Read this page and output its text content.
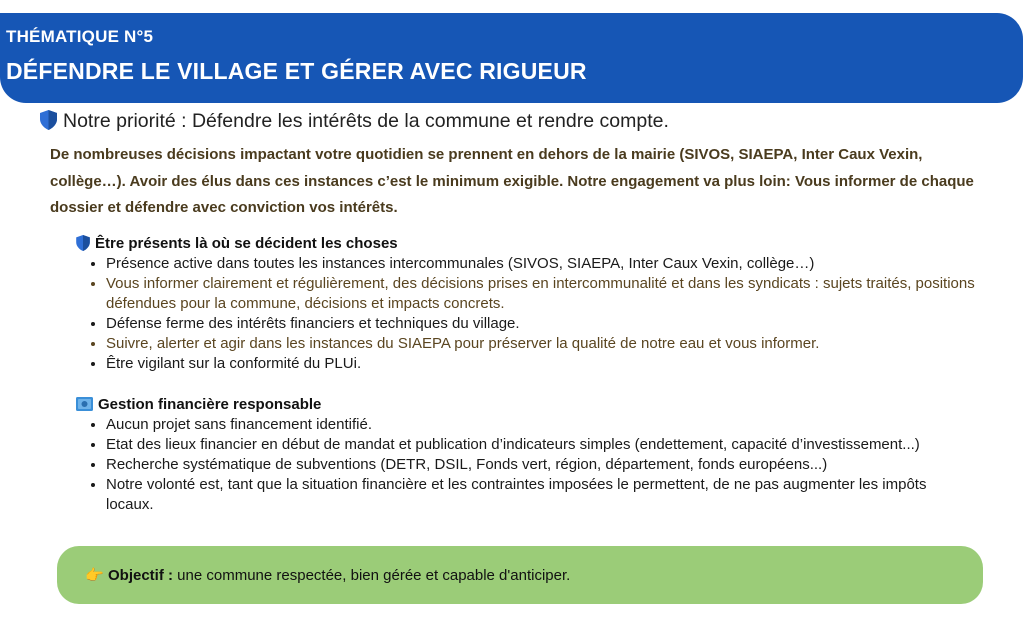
THÉMATIQUE N°5
DÉFENDRE LE VILLAGE ET GÉRER AVEC RIGUEUR
Notre priorité : Défendre les intérêts de la commune et rendre compte.
De nombreuses décisions impactant votre quotidien se prennent en dehors de la mairie (SIVOS, SIAEPA, Inter Caux Vexin, collège…). Avoir des élus dans ces instances c’est le minimum exigible. Notre engagement va plus loin: Vous informer de chaque dossier et défendre avec conviction vos intérêts.
Être présents là où se décident les choses
• Présence active dans toutes les instances intercommunales (SIVOS, SIAEPA, Inter Caux Vexin, collège…)
• Vous informer clairement et régulièrement, des décisions prises en intercommunalité et dans les syndicats : sujets traités, positions défendues pour la commune, décisions et impacts concrets.
• Défense ferme des intérêts financiers et techniques du village.
• Suivre, alerter et agir dans les instances du SIAEPA pour préserver la qualité de notre eau et vous informer.
• Être vigilant sur la conformité du PLUi.
Gestion financière responsable
• Aucun projet sans financement identifié.
• Etat des lieux financier en début de mandat et publication d’indicateurs simples (endettement, capacité d’investissement...)
• Recherche systématique de subventions (DETR, DSIL, Fonds vert, région, département, fonds européens...)
• Notre volonté est, tant que la situation financière et les contraintes imposées le permettent, de ne pas augmenter les impôts locaux.
👉 Objectif : une commune respectée, bien gérée et capable d'anticiper.
